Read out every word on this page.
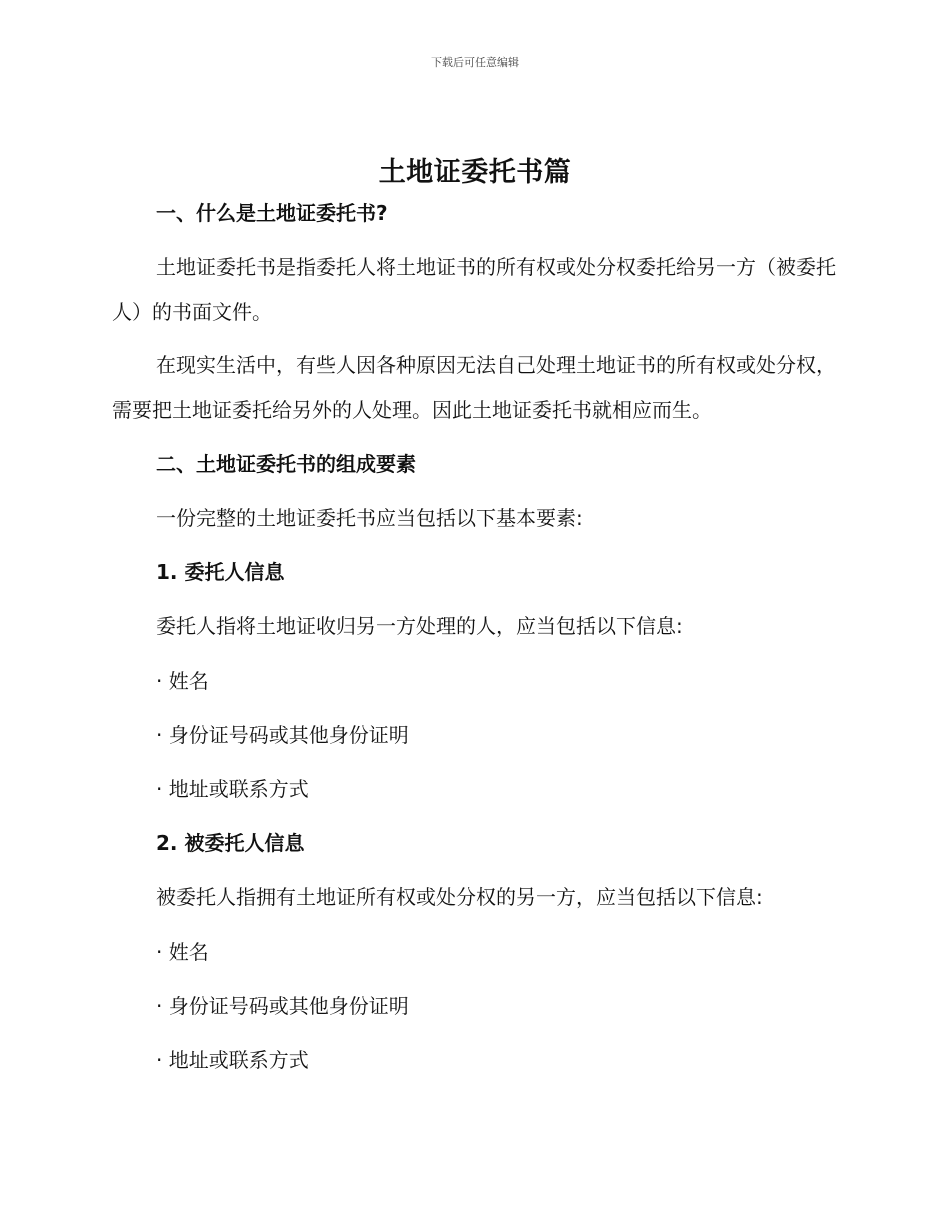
下载后可任意编辑
土地证委托书篇
一、什么是土地证委托书?
土地证委托书是指委托人将土地证书的所有权或处分权委托给另一方（被委托人）的书面文件。
在现实生活中，有些人因各种原因无法自己处理土地证书的所有权或处分权，需要把土地证委托给另外的人处理。因此土地证委托书就相应而生。
二、土地证委托书的组成要素
一份完整的土地证委托书应当包括以下基本要素:
1. 委托人信息
委托人指将土地证收归另一方处理的人，应当包括以下信息:
· 姓名
· 身份证号码或其他身份证明
· 地址或联系方式
2. 被委托人信息
被委托人指拥有土地证所有权或处分权的另一方，应当包括以下信息:
· 姓名
· 身份证号码或其他身份证明
· 地址或联系方式
